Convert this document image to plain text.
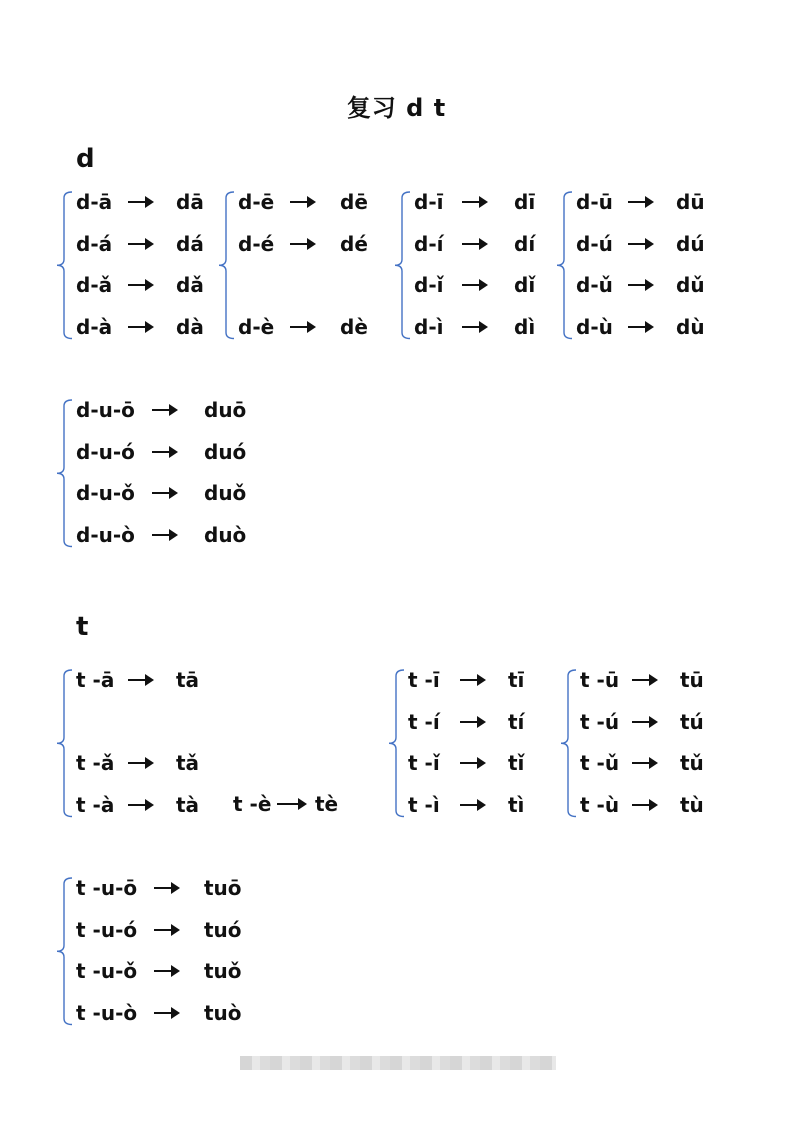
复习 d t
d
t
d-ā	dā
d-á	dá
d-ǎ	dǎ
d-à	dà
d-ē	dē
d-é	dé
d-è	dè
d-ī	dī
d-í	dí
d-ǐ	dǐ
d-ì	dì
d-ū	dū
d-ú	dú
d-ǔ	dǔ
d-ù	dù
d-u-ō	duō
d-u-ó	duó
d-u-ǒ	duǒ
d-u-ò	duò
t -ā	tā
t -ǎ	tǎ
t -à	tà
t -ī	tī
t -í	tí
t -ǐ	tǐ
t -ì	tì
t -ū	tū
t -ú	tú
t -ǔ	tǔ
t -ù	tù
t -u-ō	tuō
t -u-ó	tuó
t -u-ǒ	tuǒ
t -u-ò	tuò
t -è tè
